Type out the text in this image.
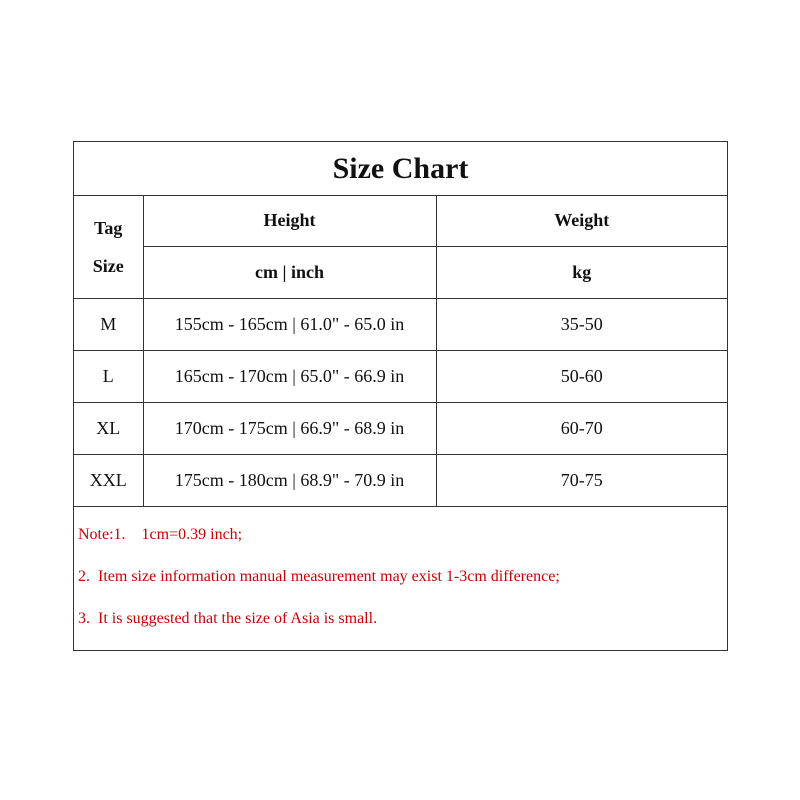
Size Chart
Tag
Size	Height	Weight
	cm | inch	kg
M	155cm - 165cm | 61.0" - 65.0 in	35-50
L	165cm - 170cm | 65.0" - 66.9 in	50-60
XL	170cm - 175cm | 66.9" - 68.9 in	60-70
XXL	175cm - 180cm | 68.9" - 70.9 in	70-75
Note:1.    1cm=0.39 inch;
2.  Item size information manual measurement may exist 1-3cm difference;
3.  It is suggested that the size of Asia is small.
